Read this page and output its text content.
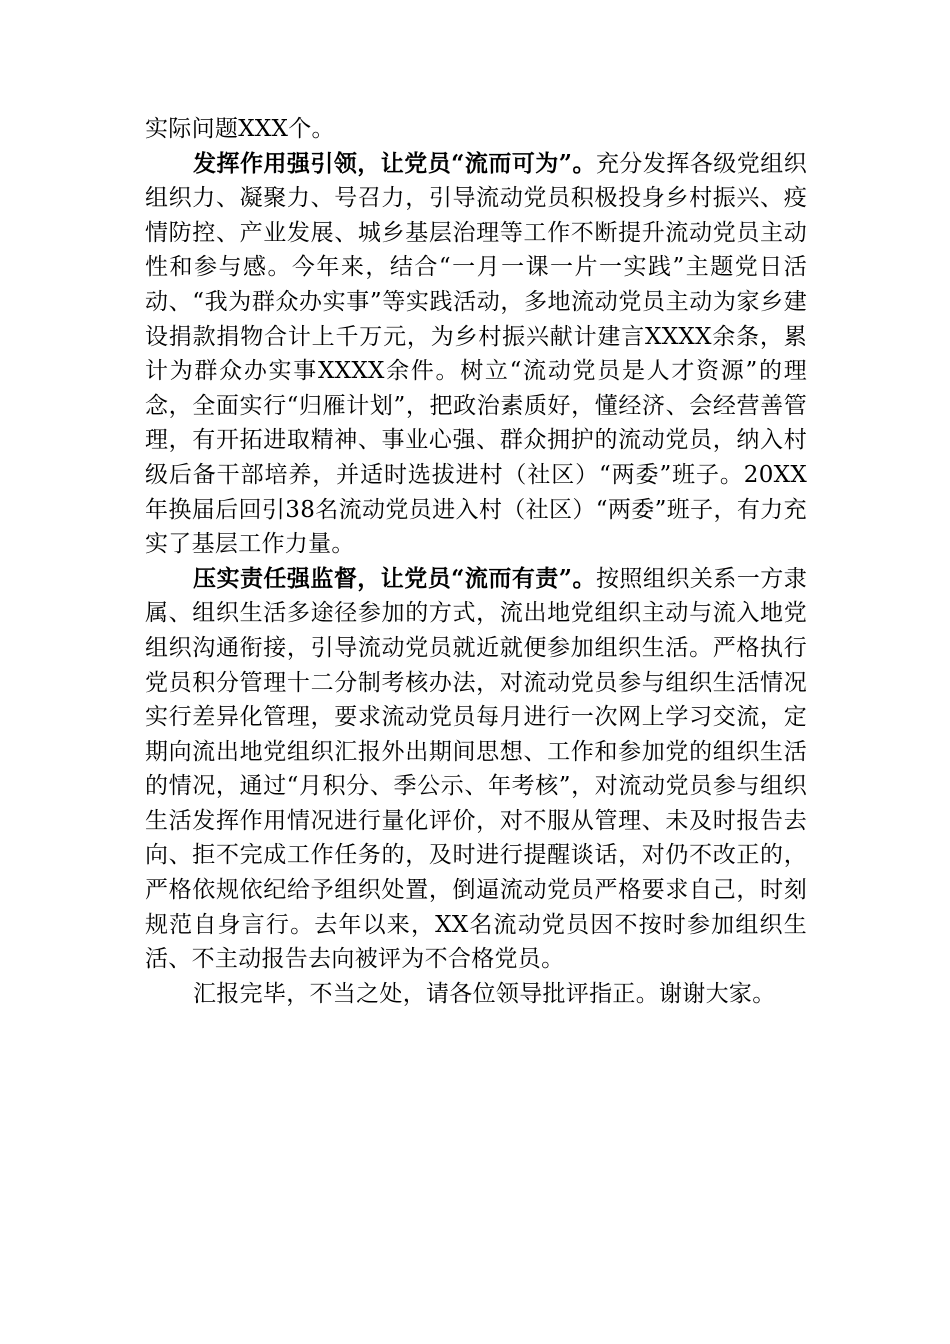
实际问题XXX个。

发挥作用强引领，让党员“流而可为”。充分发挥各级党组织组织力、凝聚力、号召力，引导流动党员积极投身乡村振兴、疫情防控、产业发展、城乡基层治理等工作不断提升流动党员主动性和参与感。今年来，结合“一月一课一片一实践”主题党日活动、“我为群众办实事”等实践活动，多地流动党员主动为家乡建设捐款捐物合计上千万元，为乡村振兴献计建言XXXX余条，累计为群众办实事XXXX余件。树立“流动党员是人才资源”的理念，全面实行“归雁计划”，把政治素质好，懂经济、会经营善管理，有开拓进取精神、事业心强、群众拥护的流动党员，纳入村级后备干部培养，并适时选拔进村（社区）“两委”班子。20XX年换届后回引38名流动党员进入村（社区）“两委”班子，有力充实了基层工作力量。

压实责任强监督，让党员“流而有责”。按照组织关系一方隶属、组织生活多途径参加的方式，流出地党组织主动与流入地党组织沟通衔接，引导流动党员就近就便参加组织生活。严格执行党员积分管理十二分制考核办法，对流动党员参与组织生活情况实行差异化管理，要求流动党员每月进行一次网上学习交流，定期向流出地党组织汇报外出期间思想、工作和参加党的组织生活的情况，通过“月积分、季公示、年考核”，对流动党员参与组织生活发挥作用情况进行量化评价，对不服从管理、未及时报告去向、拒不完成工作任务的，及时进行提醒谈话，对仍不改正的，严格依规依纪给予组织处置，倒逼流动党员严格要求自己，时刻规范自身言行。去年以来，XX名流动党员因不按时参加组织生活、不主动报告去向被评为不合格党员。

汇报完毕，不当之处，请各位领导批评指正。谢谢大家。
